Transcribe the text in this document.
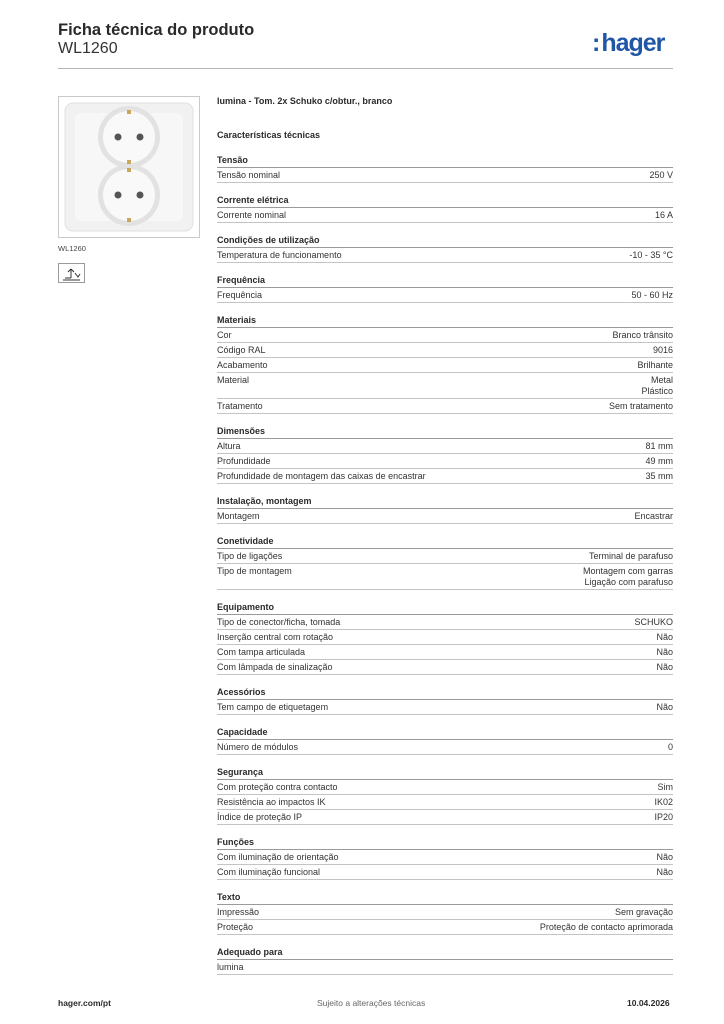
Ficha técnica do produto
WL1260	:hager
WL1260
lumina - Tom. 2x Schuko c/obtur., branco
Características técnicas
Tensão
Tensão nominal	250 V
Corrente elétrica
Corrente nominal	16 A
Condições de utilização
Temperatura de funcionamento	-10 - 35 °C
Frequência
Frequência	50 - 60 Hz
Materiais
Cor	Branco trânsito
Código RAL	9016
Acabamento	Brilhante
Material	Metal
Plástico
Tratamento	Sem tratamento
Dimensões
Altura	81 mm
Profundidade	49 mm
Profundidade de montagem das caixas de encastrar	35 mm
Instalação, montagem
Montagem	Encastrar
Conetividade
Tipo de ligações	Terminal de parafuso
Tipo de montagem	Montagem com garras
Ligação com parafuso
Equipamento
Tipo de conector/ficha, tomada	SCHUKO
Inserção central com rotação	Não
Com tampa articulada	Não
Com lâmpada de sinalização	Não
Acessórios
Tem campo de etiquetagem	Não
Capacidade
Número de módulos	0
Segurança
Com proteção contra contacto	Sim
Resistência ao impactos IK	IK02
Índice de proteção IP	IP20
Funções
Com iluminação de orientação	Não
Com iluminação funcional	Não
Texto
Impressão	Sem gravação
Proteção	Proteção de contacto aprimorada
Adequado para
lumina
hager.com/pt	Sujeito a alterações técnicas	10.04.2026
